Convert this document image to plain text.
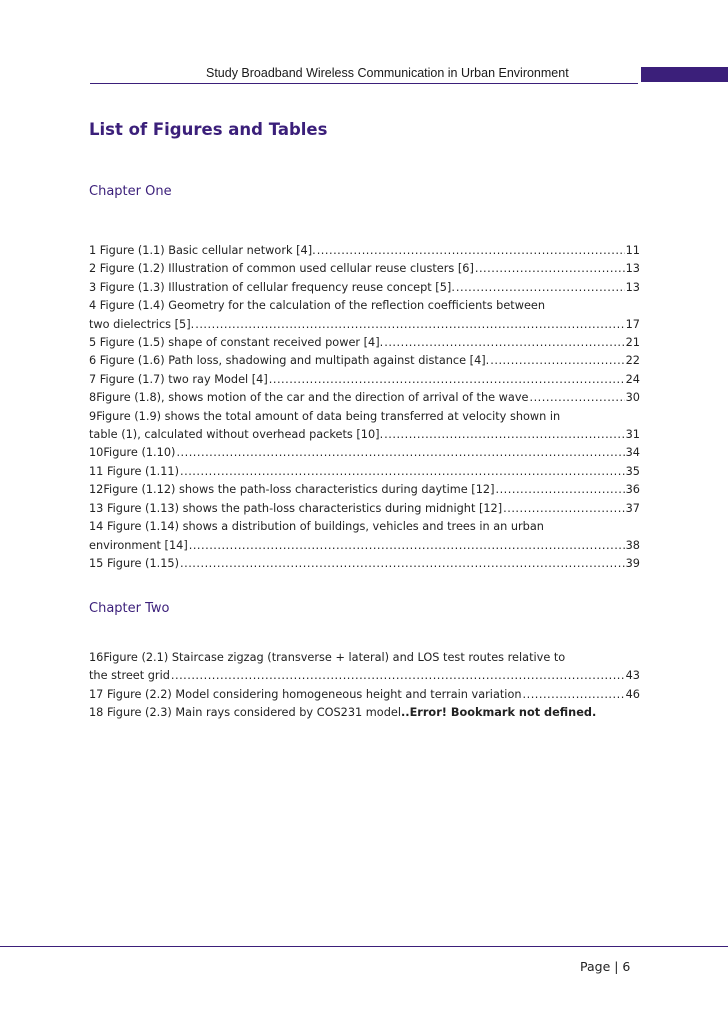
Study Broadband Wireless Communication in Urban Environment
List of Figures and Tables
Chapter One
1 Figure (1.1) Basic cellular network [4]. .....	11
2 Figure (1.2) Illustration of common used cellular reuse clusters [6] .....	13
3 Figure (1.3) Illustration of cellular frequency reuse concept [5]. .....	13
4 Figure (1.4) Geometry for the calculation of the reflection coefficients between
two dielectrics [5]. .....	17
5 Figure (1.5) shape of constant received power [4]. .....	21
6 Figure (1.6) Path loss, shadowing and multipath against distance [4]. .....	22
7 Figure (1.7) two ray Model [4] .....	24
8 Figure (1.8), shows motion of the car and the direction of arrival of the wave .....	30
9 Figure (1.9) shows the total amount of data being transferred at velocity shown in
table (1), calculated without overhead packets [10]. .....	31
10 Figure (1.10) .....	34
11 Figure (1.11) .....	35
12 Figure (1.12) shows the path-loss characteristics during daytime [12] .....	36
13 Figure (1.13) shows the path-loss characteristics during midnight [12] .....	37
14 Figure (1.14) shows a distribution of buildings, vehicles and trees in an urban
environment [14] .....	38
15 Figure (1.15) .....	39
Chapter Two
16 Figure (2.1) Staircase zigzag (transverse + lateral) and LOS test routes relative to
the street grid .....	43
17 Figure (2.2) Model considering homogeneous height and terrain variation .....	46
18 Figure (2.3) Main rays considered by COS231 model ..Error! Bookmark not defined.
Page | 6
